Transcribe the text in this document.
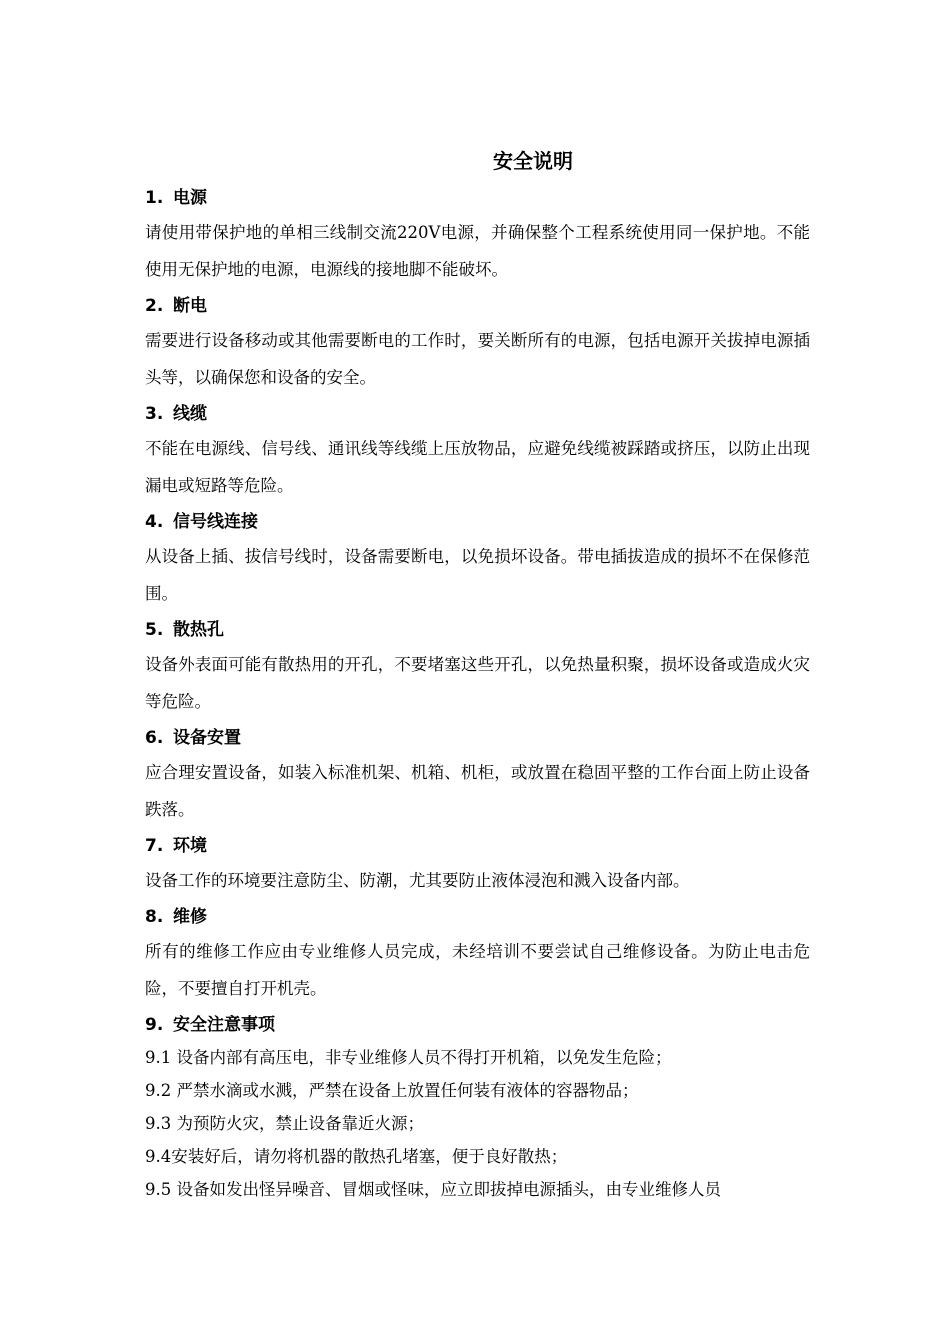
安全说明
1. 电源
请使用带保护地的单相三线制交流220V电源，并确保整个工程系统使用同一保护地。不能使用无保护地的电源，电源线的接地脚不能破坏。
2. 断电
需要进行设备移动或其他需要断电的工作时，要关断所有的电源，包括电源开关拔掉电源插头等，以确保您和设备的安全。
3. 线缆
不能在电源线、信号线、通讯线等线缆上压放物品，应避免线缆被踩踏或挤压，以防止出现漏电或短路等危险。
4. 信号线连接
从设备上插、拔信号线时，设备需要断电，以免损坏设备。带电插拔造成的损坏不在保修范围。
5. 散热孔
设备外表面可能有散热用的开孔，不要堵塞这些开孔，以免热量积聚，损坏设备或造成火灾等危险。
6. 设备安置
应合理安置设备，如装入标准机架、机箱、机柜，或放置在稳固平整的工作台面上防止设备跌落。
7. 环境
设备工作的环境要注意防尘、防潮，尤其要防止液体浸泡和溅入设备内部。
8. 维修
所有的维修工作应由专业维修人员完成，未经培训不要尝试自己维修设备。为防止电击危险，不要擅自打开机壳。
9. 安全注意事项
9.1 设备内部有高压电，非专业维修人员不得打开机箱，以免发生危险；
9.2 严禁水滴或水溅，严禁在设备上放置任何装有液体的容器物品；
9.3 为预防火灾，禁止设备靠近火源；
9.4安装好后，请勿将机器的散热孔堵塞，便于良好散热；
9.5 设备如发出怪异噪音、冒烟或怪味，应立即拔掉电源插头，由专业维修人员
